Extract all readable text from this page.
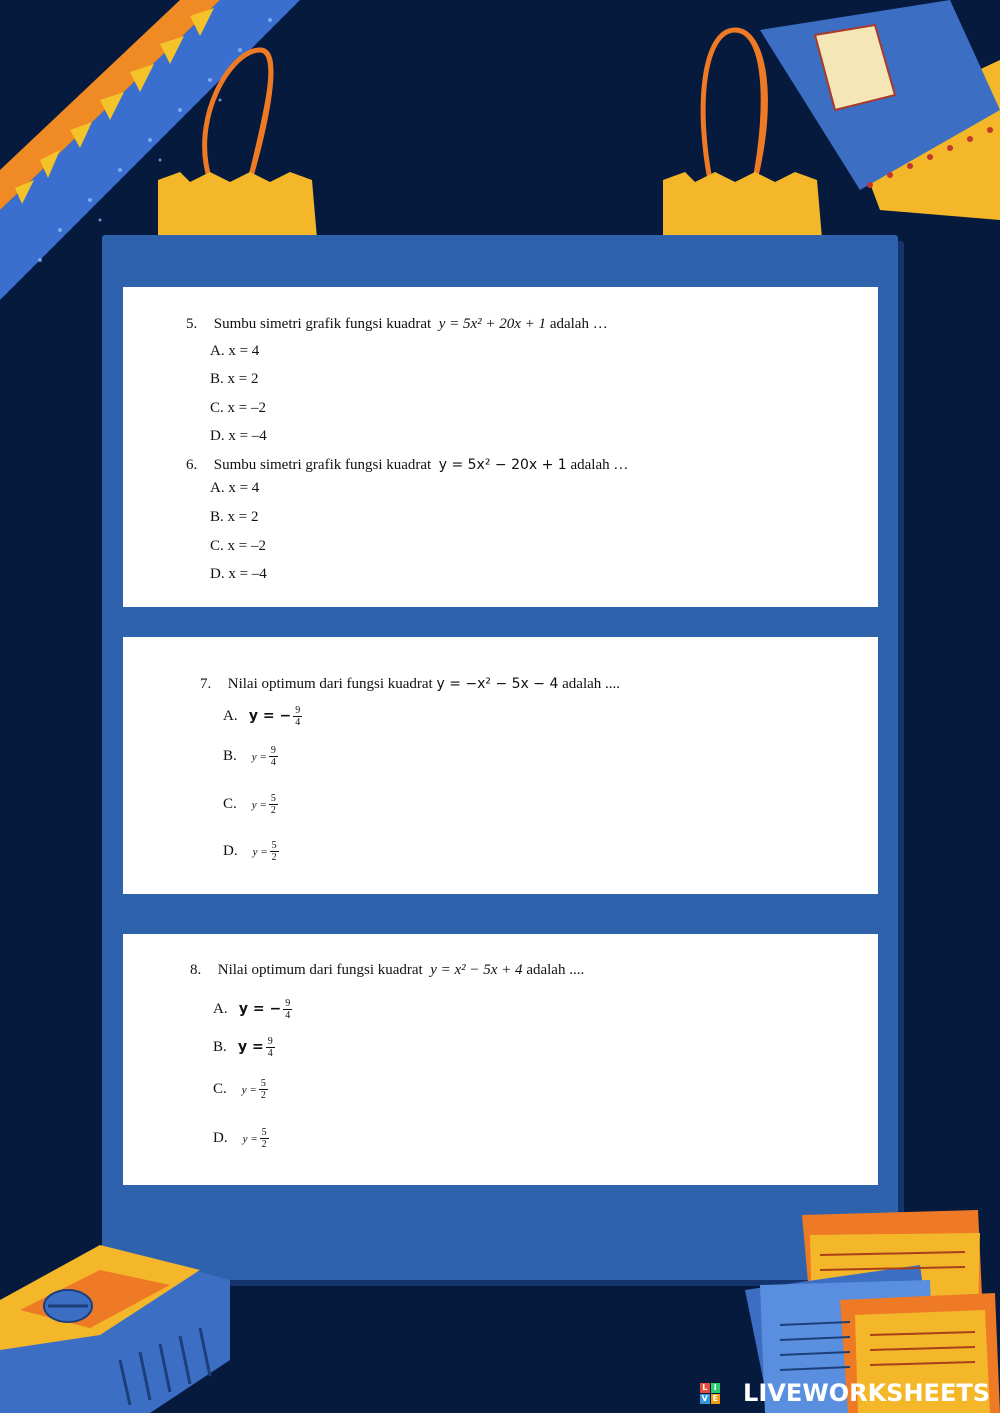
5. Sumbu simetri grafik fungsi kuadrat y = 5x² + 20x + 1 adalah …
A. x = 4
B. x = 2
C. x = –2
D. x = –4
6. Sumbu simetri grafik fungsi kuadrat y = 5x² − 20x + 1 adalah …
A. x = 4
B. x = 2
C. x = –2
D. x = –4
7. Nilai optimum dari fungsi kuadrat y = −x² − 5x − 4 adalah ....
A. y = − $\frac{9}{4}$
B. $y = \frac{9}{4}$
C. $y = \frac{5}{2}$
D. $y = \frac{5}{2}$
8. Nilai optimum dari fungsi kuadrat y = x² − 5x + 4 adalah ....
A. y = − $\frac{9}{4}$
B. $y = \frac{9}{4}$
C. $y = \frac{5}{2}$
D. $y = \frac{5}{2}$
L I
V E LIVEWORKSHEETS
